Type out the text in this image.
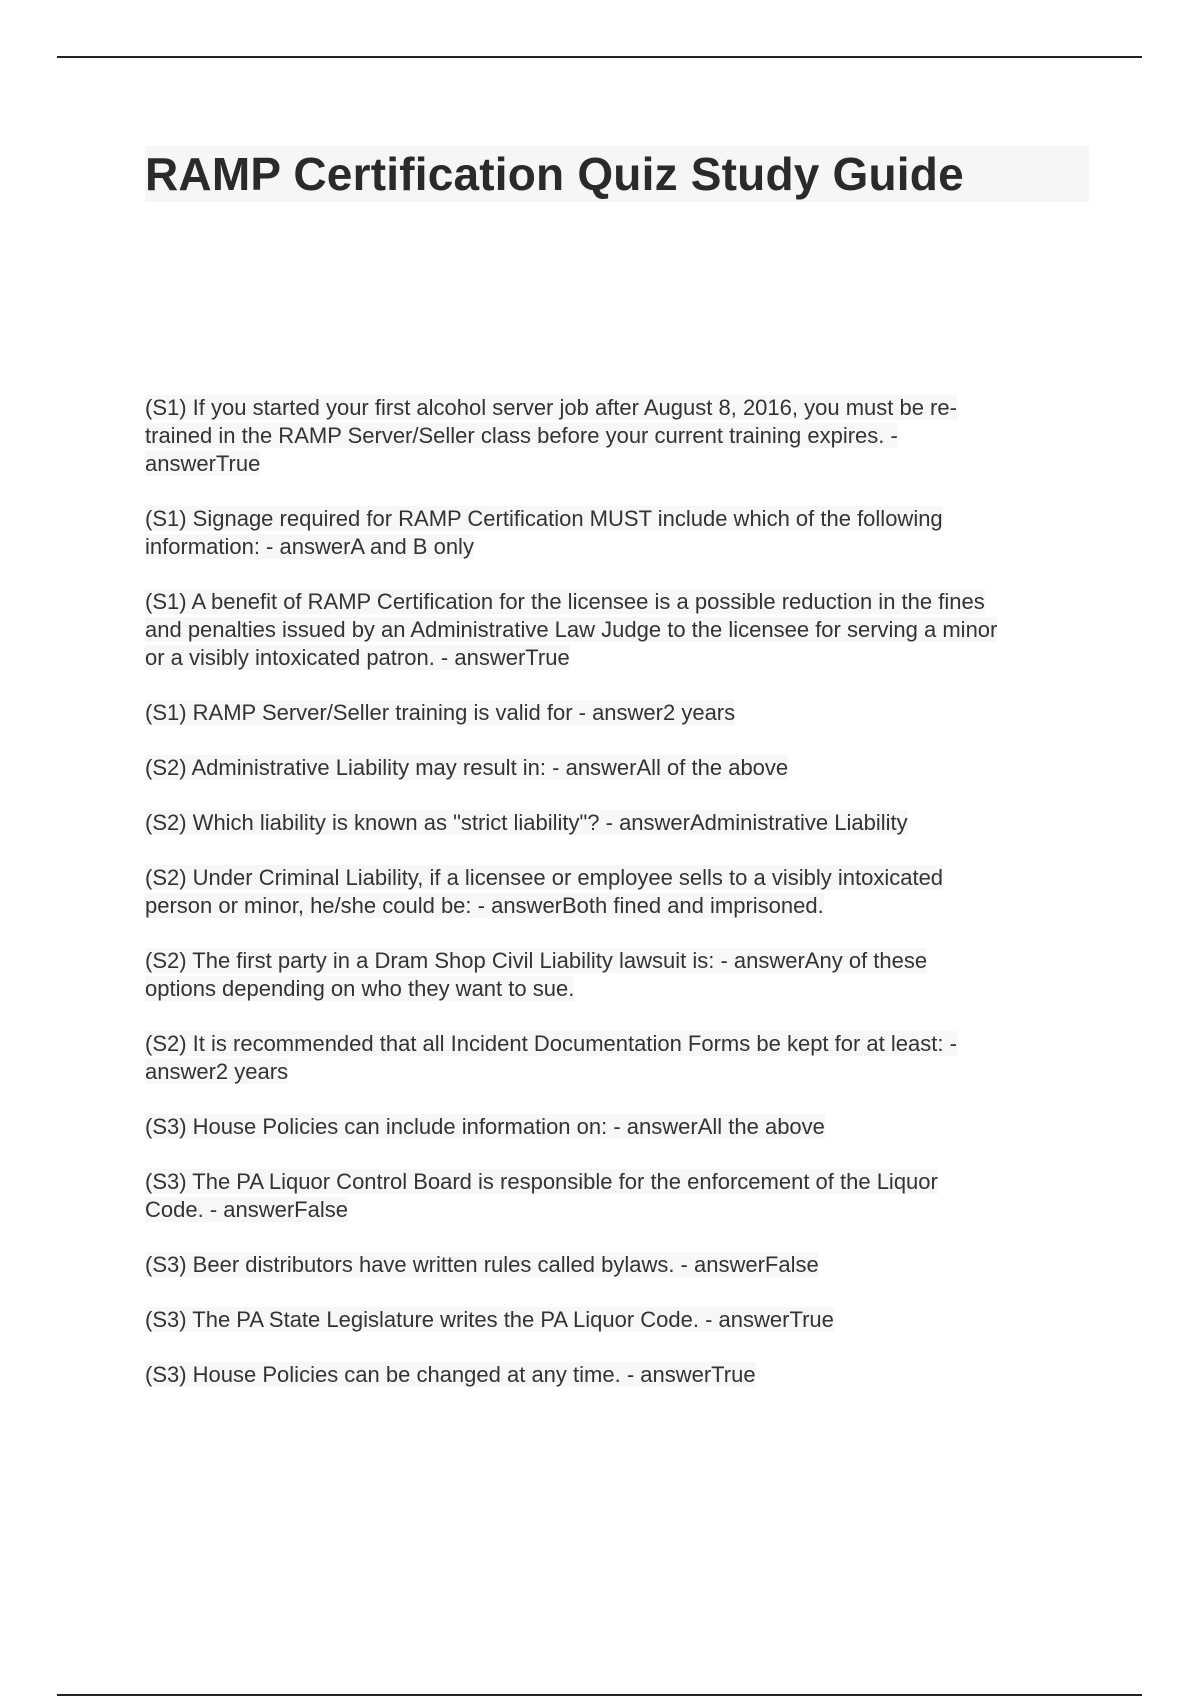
RAMP Certification Quiz Study Guide
(S1) If you started your first alcohol server job after August 8, 2016, you must be re-
trained in the RAMP Server/Seller class before your current training expires. -
answerTrue
(S1) Signage required for RAMP Certification MUST include which of the following
information: - answerA and B only
(S1) A benefit of RAMP Certification for the licensee is a possible reduction in the fines
and penalties issued by an Administrative Law Judge to the licensee for serving a minor
or a visibly intoxicated patron. - answerTrue
(S1) RAMP Server/Seller training is valid for - answer2 years
(S2) Administrative Liability may result in: - answerAll of the above
(S2) Which liability is known as "strict liability"? - answerAdministrative Liability
(S2) Under Criminal Liability, if a licensee or employee sells to a visibly intoxicated
person or minor, he/she could be: - answerBoth fined and imprisoned.
(S2) The first party in a Dram Shop Civil Liability lawsuit is: - answerAny of these
options depending on who they want to sue.
(S2) It is recommended that all Incident Documentation Forms be kept for at least: -
answer2 years
(S3) House Policies can include information on: - answerAll the above
(S3) The PA Liquor Control Board is responsible for the enforcement of the Liquor
Code. - answerFalse
(S3) Beer distributors have written rules called bylaws. - answerFalse
(S3) The PA State Legislature writes the PA Liquor Code. - answerTrue
(S3) House Policies can be changed at any time. - answerTrue
